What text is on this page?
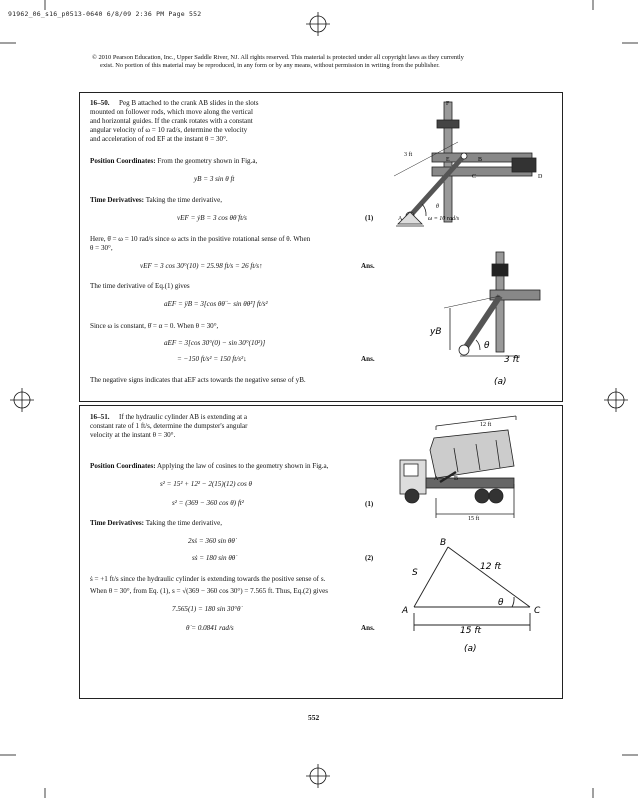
91962_06_s16_p0513-0640 6/8/09 2:36 PM Page 552
© 2010 Pearson Education, Inc., Upper Saddle River, NJ. All rights reserved. This material is protected under all copyright laws as they currently
exist. No portion of this material may be reproduced, in any form or by any means, without permission in writing from the publisher.
16–50. Peg B attached to the crank AB slides in the slots
mounted on follower rods, which move along the vertical
and horizontal guides. If the crank rotates with a constant
angular velocity of ω = 10 rad/s, determine the velocity
and acceleration of rod EF at the instant θ = 30°.
Position Coordinates: From the geometry shown in Fig.a,
yB = 3 sin θ ft
Time Derivatives: Taking the time derivative,
vEF = ẏB = 3 cos θθ̇ ft/s	(1)
Here, θ̇ = ω = 10 rad/s since ω acts in the positive rotational sense of θ. When
θ = 30°,
vEF = 3 cos 30°(10) = 25.98 ft/s = 26 ft/s↑	Ans.
The time derivative of Eq.(1) gives
aEF = ÿB = 3[cos θθ̈ − sin θθ̇²] ft/s²
Since ω is constant, θ̈ = α = 0. When θ = 30°,
aEF = 3[cos 30°(0) − sin 30°(10²)]
= −150 ft/s² = 150 ft/s²↓	Ans.
The negative signs indicates that aEF acts towards the negative sense of yB.
F
E	B
C	D
A
3 ft
θ
ω = 10 rad/s
yB
θ
3 ft
(a)
16–51. If the hydraulic cylinder AB is extending at a
constant rate of 1 ft/s, determine the dumpster's angular
velocity at the instant θ = 30°.
Position Coordinates: Applying the law of cosines to the geometry shown in Fig.a,
s² = 15² + 12² − 2(15)(12) cos θ
s² = (369 − 360 cos θ) ft²	(1)
Time Derivatives: Taking the time derivative,
2sṡ = 360 sin θθ̇
sṡ = 180 sin θθ̇	(2)
ṡ = +1 ft/s since the hydraulic cylinder is extending towards the positive sense of s.
When θ = 30°, from Eq. (1), s = √(369 − 360 cos 30°) = 7.565 ft. Thus, Eq.(2) gives
7.565(1) = 180 sin 30°θ̇
θ̇ = 0.0841 rad/s	Ans.
12 ft
15 ft
A	B
A
B
C
S
12 ft
θ
15 ft
(a)
552
